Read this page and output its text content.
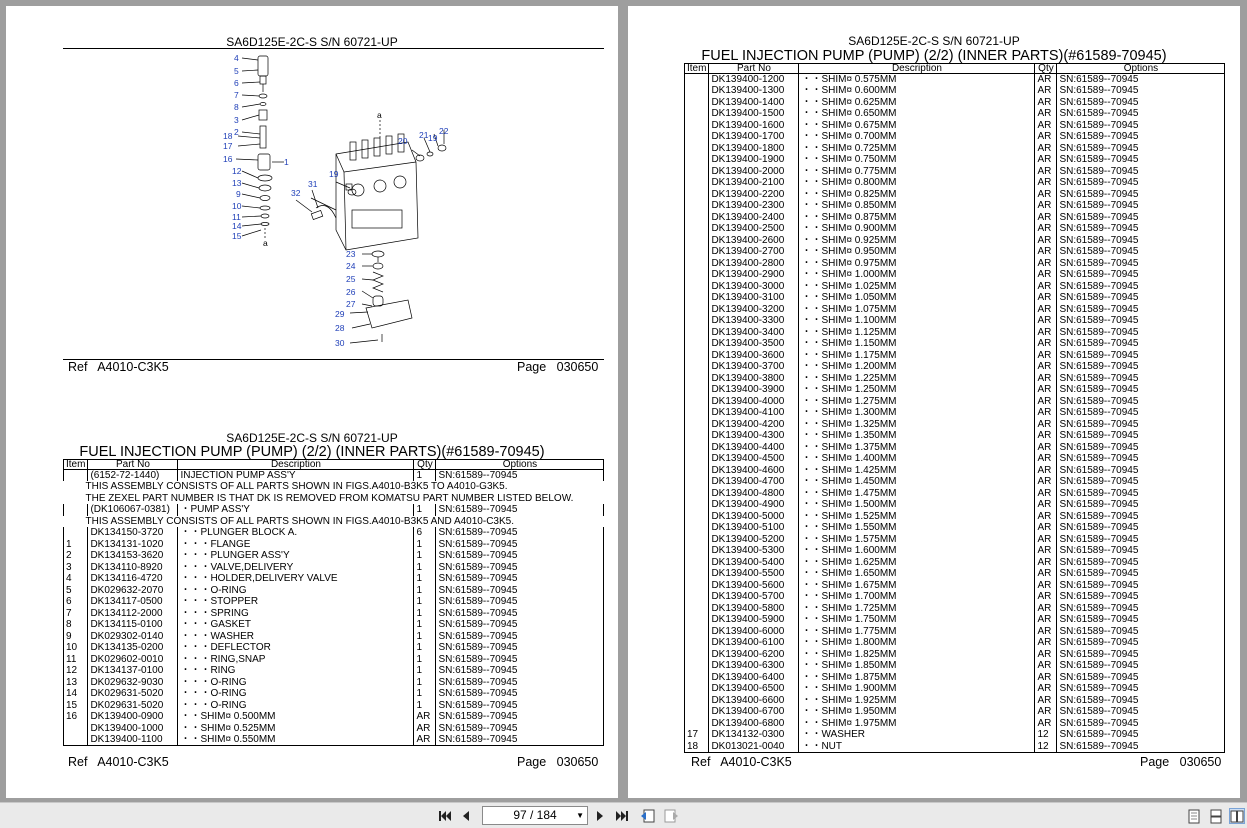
SA6D125E-2C-S S/N 60721-UP
4
5
6
7
8
3
2
18
17
16	1
12
13
9
10
11
14
15
a
a
20
21 19
22
19
31
32
23
24
25
26
27
29
28
30
Ref A4010-C3K5	Page 030650
SA6D125E-2C-S S/N 60721-UP
FUEL INJECTION PUMP (PUMP) (2/2) (INNER PARTS)(#61589-70945)
Item	Part No	Description	Qty	Options
	(6152-72-1440)	INJECTION PUMP ASS'Y	1	SN:61589--70945
THIS ASSEMBLY CONSISTS OF ALL PARTS SHOWN IN FIGS.A4010-B3K5 TO A4010-G3K5.				
THE ZEXEL PART NUMBER IS THAT DK IS REMOVED FROM KOMATSU PART NUMBER LISTED BELOW.				
	(DK106067-0381)	・PUMP ASS'Y	1	SN:61589--70945
THIS ASSEMBLY CONSISTS OF ALL PARTS SHOWN IN FIGS.A4010-B3K5 AND A4010-C3K5.				
	DK134150-3720	・・PLUNGER BLOCK A.	6	SN:61589--70945
1	DK134131-1020	・・・FLANGE	1	SN:61589--70945
2	DK134153-3620	・・・PLUNGER ASS'Y	1	SN:61589--70945
3	DK134110-8920	・・・VALVE,DELIVERY	1	SN:61589--70945
4	DK134116-4720	・・・HOLDER,DELIVERY VALVE	1	SN:61589--70945
5	DK029632-2070	・・・O-RING	1	SN:61589--70945
6	DK134117-0500	・・・STOPPER	1	SN:61589--70945
7	DK134112-2000	・・・SPRING	1	SN:61589--70945
8	DK134115-0100	・・・GASKET	1	SN:61589--70945
9	DK029302-0140	・・・WASHER	1	SN:61589--70945
10	DK134135-0200	・・・DEFLECTOR	1	SN:61589--70945
11	DK029602-0010	・・・RING,SNAP	1	SN:61589--70945
12	DK134137-0100	・・・RING	1	SN:61589--70945
13	DK029632-9030	・・・O-RING	1	SN:61589--70945
14	DK029631-5020	・・・O-RING	1	SN:61589--70945
15	DK029631-5020	・・・O-RING	1	SN:61589--70945
16	DK139400-0900	・・SHIM¤ 0.500MM	AR	SN:61589--70945
	DK139400-1000	・・SHIM¤ 0.525MM	AR	SN:61589--70945
	DK139400-1100	・・SHIM¤ 0.550MM	AR	SN:61589--70945
Ref A4010-C3K5	Page 030650
SA6D125E-2C-S S/N 60721-UP
FUEL INJECTION PUMP (PUMP) (2/2) (INNER PARTS)(#61589-70945)
Item	Part No	Description	Qty	Options
	DK139400-1200	・・SHIM¤ 0.575MM	AR	SN:61589--70945
	DK139400-1300	・・SHIM¤ 0.600MM	AR	SN:61589--70945
	DK139400-1400	・・SHIM¤ 0.625MM	AR	SN:61589--70945
	DK139400-1500	・・SHIM¤ 0.650MM	AR	SN:61589--70945
	DK139400-1600	・・SHIM¤ 0.675MM	AR	SN:61589--70945
	DK139400-1700	・・SHIM¤ 0.700MM	AR	SN:61589--70945
	DK139400-1800	・・SHIM¤ 0.725MM	AR	SN:61589--70945
	DK139400-1900	・・SHIM¤ 0.750MM	AR	SN:61589--70945
	DK139400-2000	・・SHIM¤ 0.775MM	AR	SN:61589--70945
	DK139400-2100	・・SHIM¤ 0.800MM	AR	SN:61589--70945
	DK139400-2200	・・SHIM¤ 0.825MM	AR	SN:61589--70945
	DK139400-2300	・・SHIM¤ 0.850MM	AR	SN:61589--70945
	DK139400-2400	・・SHIM¤ 0.875MM	AR	SN:61589--70945
	DK139400-2500	・・SHIM¤ 0.900MM	AR	SN:61589--70945
	DK139400-2600	・・SHIM¤ 0.925MM	AR	SN:61589--70945
	DK139400-2700	・・SHIM¤ 0.950MM	AR	SN:61589--70945
	DK139400-2800	・・SHIM¤ 0.975MM	AR	SN:61589--70945
	DK139400-2900	・・SHIM¤ 1.000MM	AR	SN:61589--70945
	DK139400-3000	・・SHIM¤ 1.025MM	AR	SN:61589--70945
	DK139400-3100	・・SHIM¤ 1.050MM	AR	SN:61589--70945
	DK139400-3200	・・SHIM¤ 1.075MM	AR	SN:61589--70945
	DK139400-3300	・・SHIM¤ 1.100MM	AR	SN:61589--70945
	DK139400-3400	・・SHIM¤ 1.125MM	AR	SN:61589--70945
	DK139400-3500	・・SHIM¤ 1.150MM	AR	SN:61589--70945
	DK139400-3600	・・SHIM¤ 1.175MM	AR	SN:61589--70945
	DK139400-3700	・・SHIM¤ 1.200MM	AR	SN:61589--70945
	DK139400-3800	・・SHIM¤ 1.225MM	AR	SN:61589--70945
	DK139400-3900	・・SHIM¤ 1.250MM	AR	SN:61589--70945
	DK139400-4000	・・SHIM¤ 1.275MM	AR	SN:61589--70945
	DK139400-4100	・・SHIM¤ 1.300MM	AR	SN:61589--70945
	DK139400-4200	・・SHIM¤ 1.325MM	AR	SN:61589--70945
	DK139400-4300	・・SHIM¤ 1.350MM	AR	SN:61589--70945
	DK139400-4400	・・SHIM¤ 1.375MM	AR	SN:61589--70945
	DK139400-4500	・・SHIM¤ 1.400MM	AR	SN:61589--70945
	DK139400-4600	・・SHIM¤ 1.425MM	AR	SN:61589--70945
	DK139400-4700	・・SHIM¤ 1.450MM	AR	SN:61589--70945
	DK139400-4800	・・SHIM¤ 1.475MM	AR	SN:61589--70945
	DK139400-4900	・・SHIM¤ 1.500MM	AR	SN:61589--70945
	DK139400-5000	・・SHIM¤ 1.525MM	AR	SN:61589--70945
	DK139400-5100	・・SHIM¤ 1.550MM	AR	SN:61589--70945
	DK139400-5200	・・SHIM¤ 1.575MM	AR	SN:61589--70945
	DK139400-5300	・・SHIM¤ 1.600MM	AR	SN:61589--70945
	DK139400-5400	・・SHIM¤ 1.625MM	AR	SN:61589--70945
	DK139400-5500	・・SHIM¤ 1.650MM	AR	SN:61589--70945
	DK139400-5600	・・SHIM¤ 1.675MM	AR	SN:61589--70945
	DK139400-5700	・・SHIM¤ 1.700MM	AR	SN:61589--70945
	DK139400-5800	・・SHIM¤ 1.725MM	AR	SN:61589--70945
	DK139400-5900	・・SHIM¤ 1.750MM	AR	SN:61589--70945
	DK139400-6000	・・SHIM¤ 1.775MM	AR	SN:61589--70945
	DK139400-6100	・・SHIM¤ 1.800MM	AR	SN:61589--70945
	DK139400-6200	・・SHIM¤ 1.825MM	AR	SN:61589--70945
	DK139400-6300	・・SHIM¤ 1.850MM	AR	SN:61589--70945
	DK139400-6400	・・SHIM¤ 1.875MM	AR	SN:61589--70945
	DK139400-6500	・・SHIM¤ 1.900MM	AR	SN:61589--70945
	DK139400-6600	・・SHIM¤ 1.925MM	AR	SN:61589--70945
	DK139400-6700	・・SHIM¤ 1.950MM	AR	SN:61589--70945
	DK139400-6800	・・SHIM¤ 1.975MM	AR	SN:61589--70945
17	DK134132-0300	・・WASHER	12	SN:61589--70945
18	DK013021-0040	・・NUT	12	SN:61589--70945
Ref A4010-C3K5	Page 030650
97 / 184 ▼
